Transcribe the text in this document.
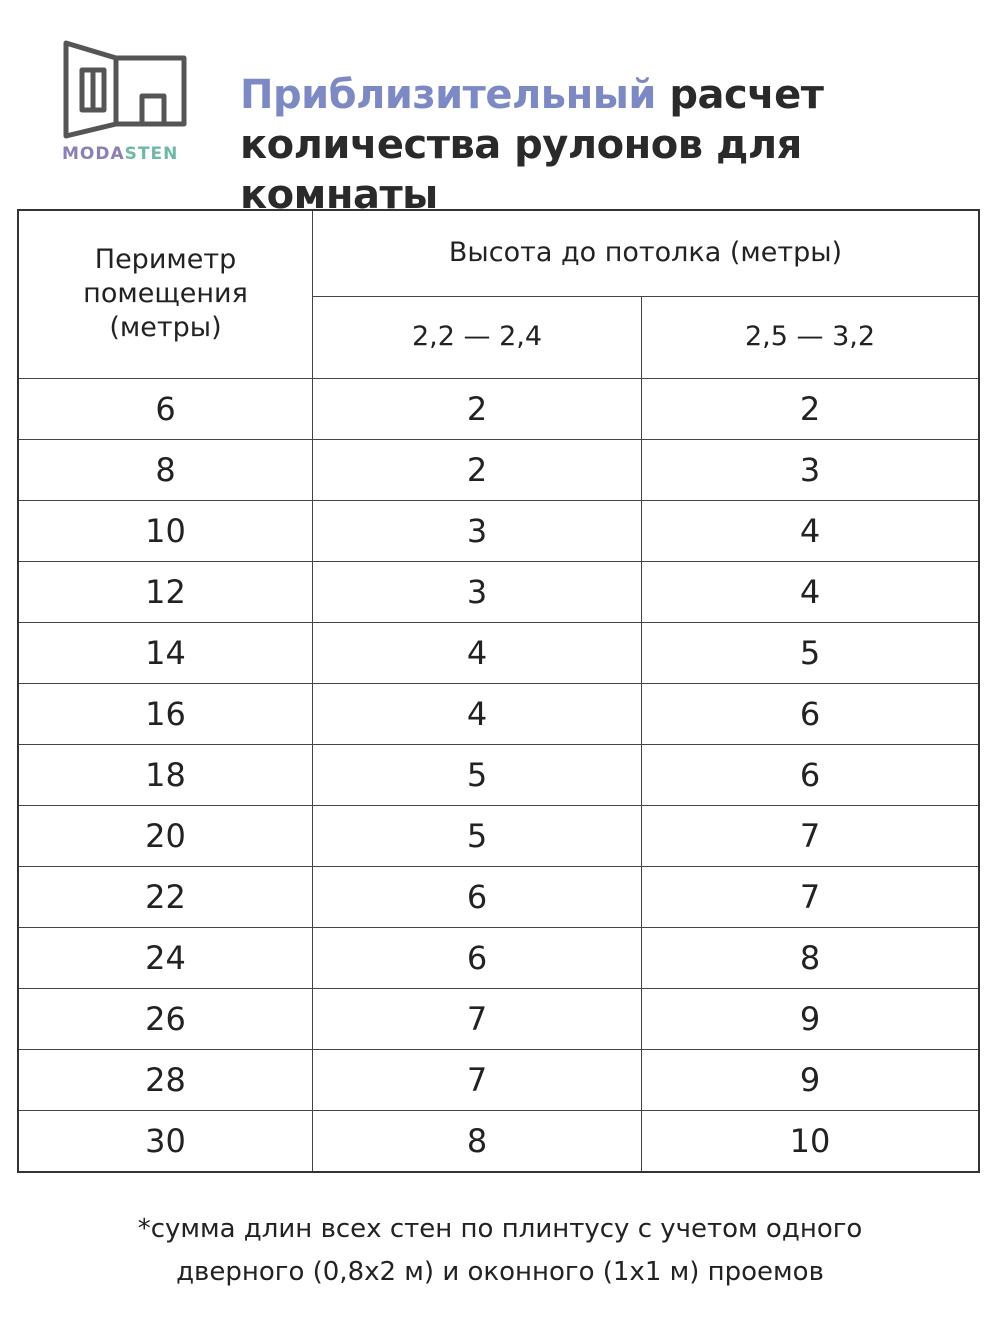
MODASTEN
Приблизительный расчет
количества рулонов для комнаты
Периметр помещения (метры)	Высота до потолка (метры)	
	2,2 — 2,4	2,5 — 3,2
6	2	2
8	2	3
10	3	4
12	3	4
14	4	5
16	4	6
18	5	6
20	5	7
22	6	7
24	6	8
26	7	9
28	7	9
30	8	10
*сумма длин всех стен по плинтусу с учетом одного
дверного (0,8x2 м) и оконного (1x1 м) проемов
